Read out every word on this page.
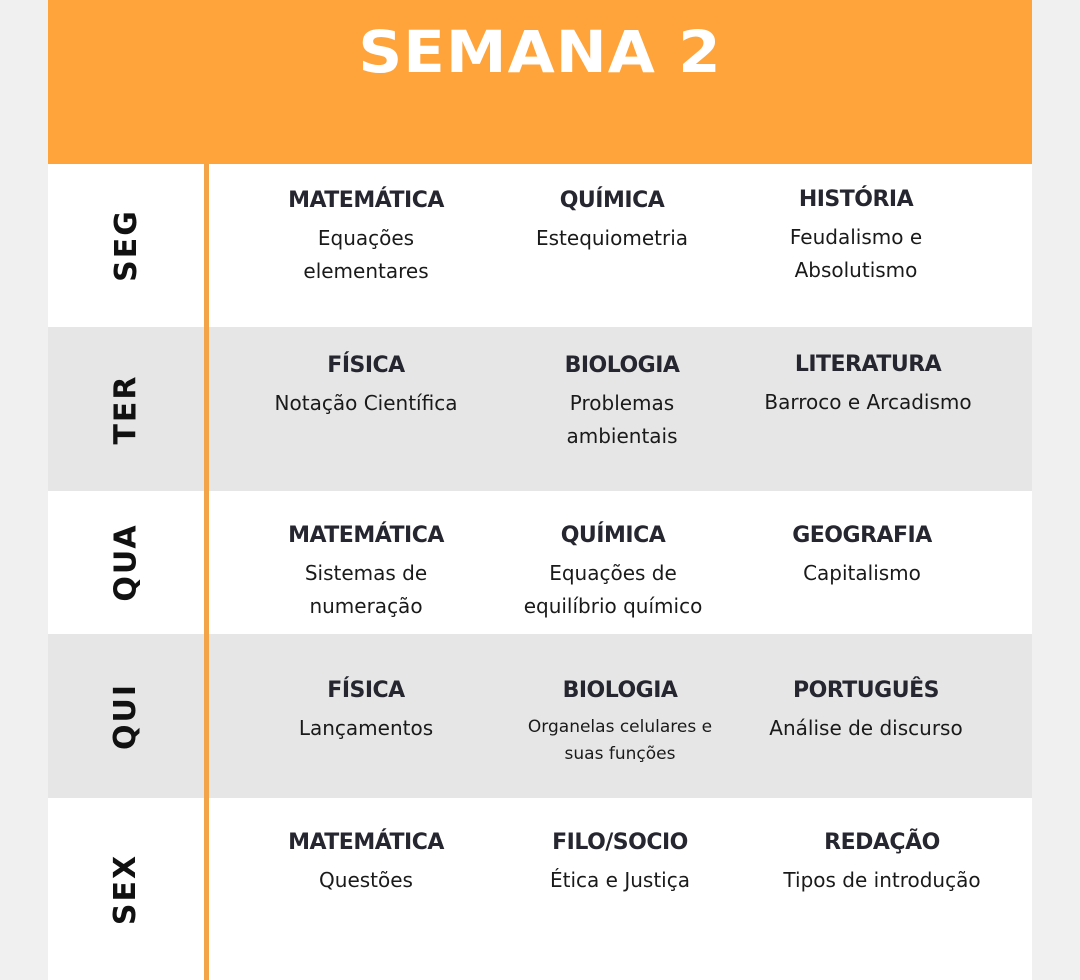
SEMANA 2
SEG
MATEMÁTICA
Equações
elementares
QUÍMICA
Estequiometria
HISTÓRIA
Feudalismo e
Absolutismo
TER
FÍSICA
Notação Científica
BIOLOGIA
Problemas
ambientais
LITERATURA
Barroco e Arcadismo
QUA	MATEMÁTICA
Sistemas de
numeração
QUÍMICA
Equações de
equilíbrio químico
GEOGRAFIA
Capitalismo
QUI	FÍSICA
Lançamentos
BIOLOGIA
Organelas celulares e
suas funções
PORTUGUÊS
Análise de discurso
SEX
MATEMÁTICA
Questões
FILO/SOCIO
Ética e Justiça
REDAÇÃO
Tipos de introdução
